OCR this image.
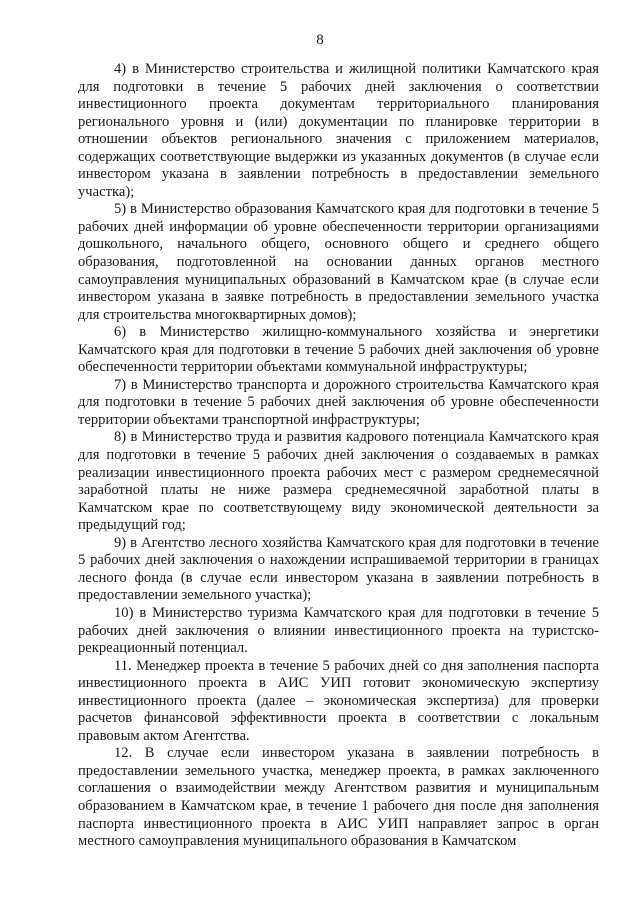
8

4) в Министерство строительства и жилищной политики Камчатского края для подготовки в течение 5 рабочих дней заключения о соответствии инвестиционного проекта документам территориального планирования регионального уровня и (или) документации по планировке территории в отношении объектов регионального значения с приложением материалов, содержащих соответствующие выдержки из указанных документов (в случае если инвестором указана в заявлении потребность в предоставлении земельного участка);

5) в Министерство образования Камчатского края для подготовки в течение 5 рабочих дней информации об уровне обеспеченности территории организациями дошкольного, начального общего, основного общего и среднего общего образования, подготовленной на основании данных органов местного самоуправления муниципальных образований в Камчатском крае (в случае если инвестором указана в заявке потребность в предоставлении земельного участка для строительства многоквартирных домов);

6) в Министерство жилищно-коммунального хозяйства и энергетики Камчатского края для подготовки в течение 5 рабочих дней заключения об уровне обеспеченности территории объектами коммунальной инфраструктуры;

7) в Министерство транспорта и дорожного строительства Камчатского края для подготовки в течение 5 рабочих дней заключения об уровне обеспеченности территории объектами транспортной инфраструктуры;

8) в Министерство труда и развития кадрового потенциала Камчатского края для подготовки в течение 5 рабочих дней заключения о создаваемых в рамках реализации инвестиционного проекта рабочих мест с размером среднемесячной заработной платы не ниже размера среднемесячной заработной платы в Камчатском крае по соответствующему виду экономической деятельности за предыдущий год;

9) в Агентство лесного хозяйства Камчатского края для подготовки в течение 5 рабочих дней заключения о нахождении испрашиваемой территории в границах лесного фонда (в случае если инвестором указана в заявлении потребность в предоставлении земельного участка);

10) в Министерство туризма Камчатского края для подготовки в течение 5 рабочих дней заключения о влиянии инвестиционного проекта на туристско-рекреационный потенциал.

11. Менеджер проекта в течение 5 рабочих дней со дня заполнения паспорта инвестиционного проекта в АИС УИП готовит экономическую экспертизу инвестиционного проекта (далее – экономическая экспертиза) для проверки расчетов финансовой эффективности проекта в соответствии с локальным правовым актом Агентства.

12. В случае если инвестором указана в заявлении потребность в предоставлении земельного участка, менеджер проекта, в рамках заключенного соглашения о взаимодействии между Агентством развития и муниципальным образованием в Камчатском крае, в течение 1 рабочего дня после дня заполнения паспорта инвестиционного проекта в АИС УИП направляет запрос в орган местного самоуправления муниципального образования в Камчатском
